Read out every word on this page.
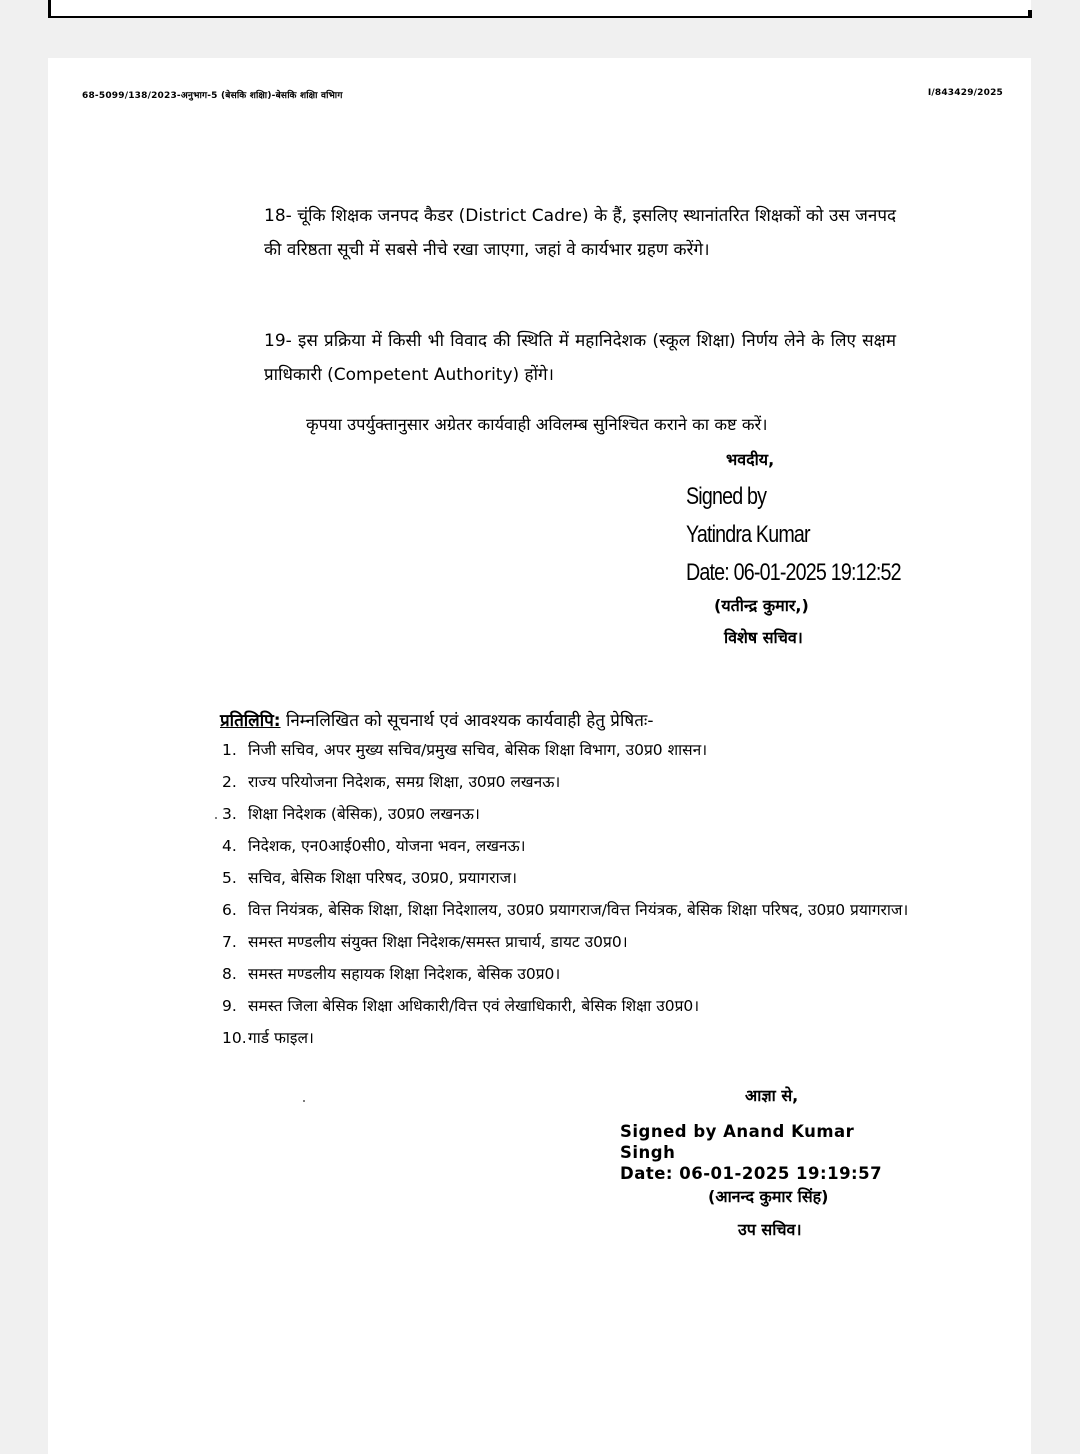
68-5099/138/2023-अनुभाग-5 (बेसकि शक्षिा)-बेसकि शक्षिा वभिाग	I/843429/2025

18- चूंकि शिक्षक जनपद कैडर (District Cadre) के हैं, इसलिए स्थानांतरित शिक्षकों को उस जनपद की वरिष्ठता सूची में सबसे नीचे रखा जाएगा, जहां वे कार्यभार ग्रहण करेंगे।

19- इस प्रक्रिया में किसी भी विवाद की स्थिति में महानिदेशक (स्कूल शिक्षा) निर्णय लेने के लिए सक्षम प्राधिकारी (Competent Authority) होंगे।

कृपया उपर्युक्तानुसार अग्रेतर कार्यवाही अविलम्ब सुनिश्चित कराने का कष्ट करें।
भवदीय,
Signed by
Yatindra Kumar
Date: 06-01-2025 19:12:52
(यतीन्द्र कुमार,)
विशेष सचिव।
प्रतिलिपि: निम्नलिखित को सूचनार्थ एवं आवश्यक कार्यवाही हेतु प्रेषितः-
1. निजी सचिव, अपर मुख्य सचिव/प्रमुख सचिव, बेसिक शिक्षा विभाग, उ0प्र0 शासन।
2. राज्य परियोजना निदेशक, समग्र शिक्षा, उ0प्र0 लखनऊ।
3. शिक्षा निदेशक (बेसिक), उ0प्र0 लखनऊ।
4. निदेशक, एन0आई0सी0, योजना भवन, लखनऊ।
5. सचिव, बेसिक शिक्षा परिषद, उ0प्र0, प्रयागराज।
6. वित्त नियंत्रक, बेसिक शिक्षा, शिक्षा निदेशालय, उ0प्र0 प्रयागराज/वित्त नियंत्रक, बेसिक शिक्षा परिषद, उ0प्र0 प्रयागराज।
7. समस्त मण्डलीय संयुक्त शिक्षा निदेशक/समस्त प्राचार्य, डायट उ0प्र0।
8. समस्त मण्डलीय सहायक शिक्षा निदेशक, बेसिक उ0प्र0।
9. समस्त जिला बेसिक शिक्षा अधिकारी/वित्त एवं लेखाधिकारी, बेसिक शिक्षा उ0प्र0।
10. गार्ड फाइल।
आज्ञा से,
Signed by Anand Kumar
Singh
Date: 06-01-2025 19:19:57
(आनन्द कुमार सिंह)
उप सचिव।
